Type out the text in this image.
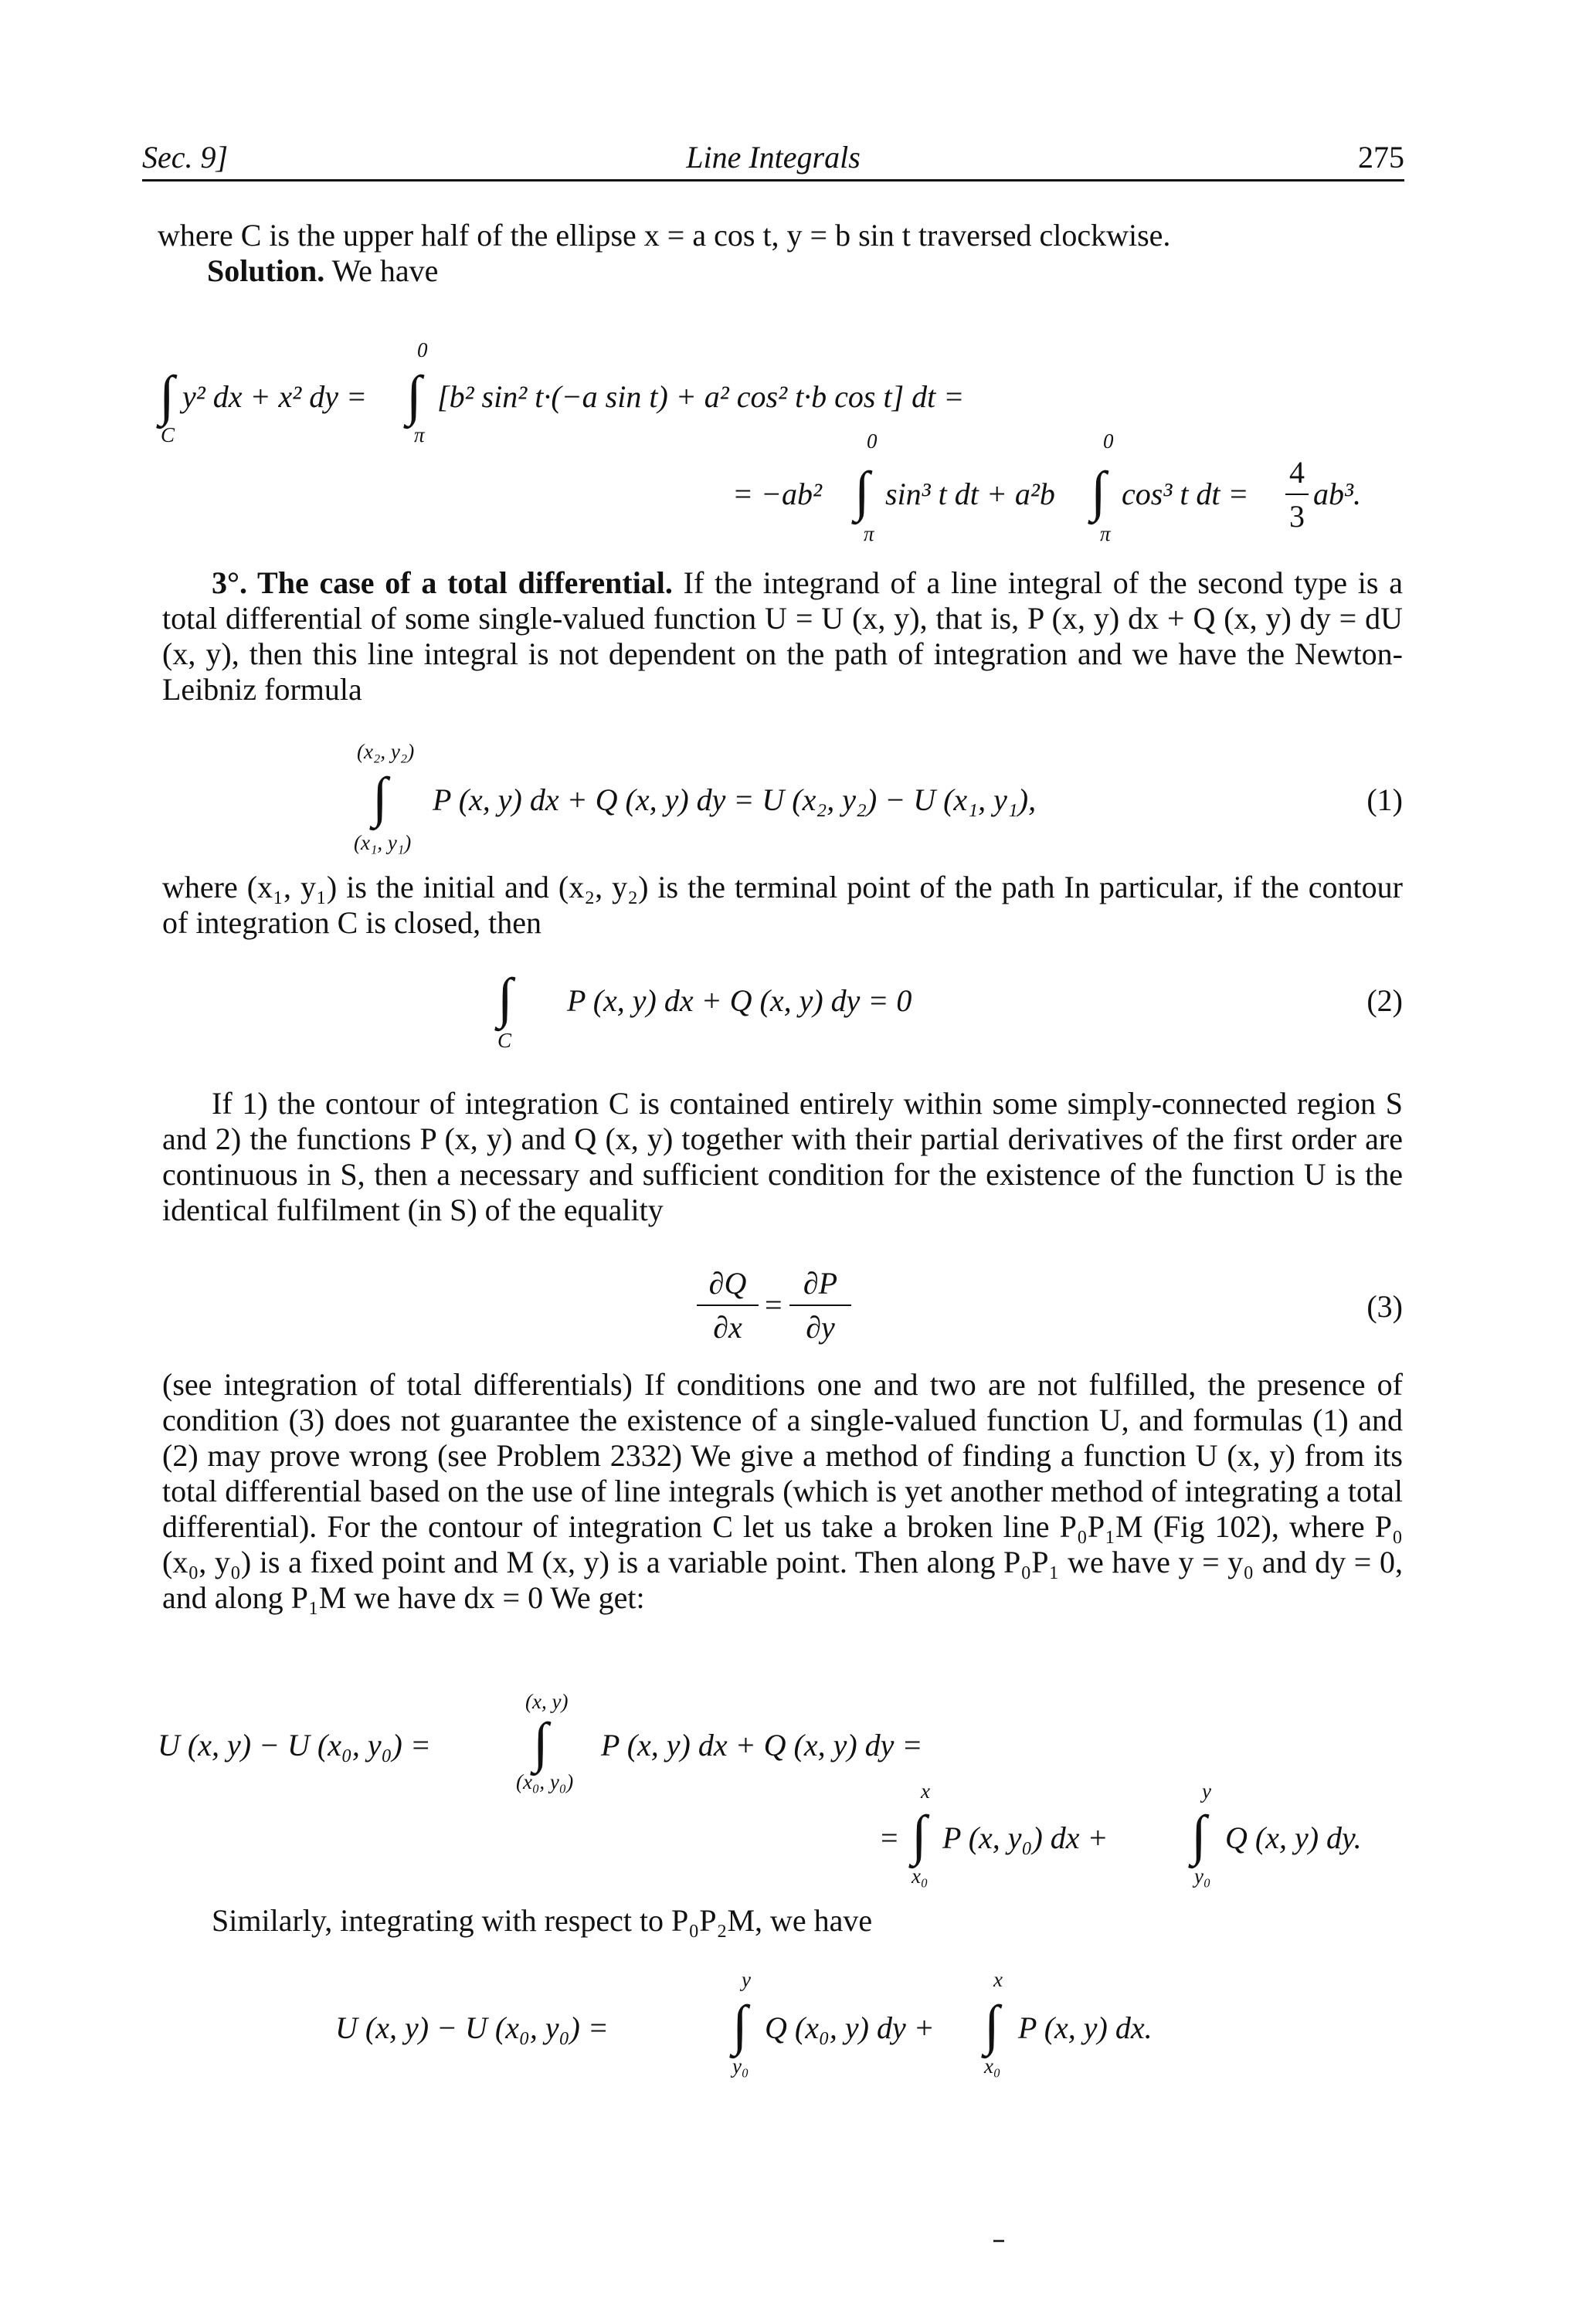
Sec. 9]	Line Integrals	275

where C is the upper half of the ellipse x = a cos t, y = b sin t traversed clockwise.

Solution. We have

0
∫	∫
y² dx + x² dy = [b² sin² t·(−a sin t) + a² cos² t·b cos t] dt =
C	π	0	0
= −ab² ∫ sin³ t dt + a²b ∫ cos³ t dt =
4
3
ab³.
π	π

3°. The case of a total differential. If the integrand of a line integral of the second type is a total differential of some single-valued function U = U (x, y), that is, P (x, y) dx + Q (x, y) dy = dU (x, y), then this line integral is not dependent on the path of integration and we have the Newton-Leibniz formula

(x₂, y₂)
∫ P (x, y) dx + Q (x, y) dy = U (x₂, y₂) − U (x₁, y₁),	(1)
(x₁, y₁)

where (x₁, y₁) is the initial and (x₂, y₂) is the terminal point of the path In particular, if the contour of integration C is closed, then

∫ P (x, y) dx + Q (x, y) dy = 0	(2)
C

If 1) the contour of integration C is contained entirely within some simply-connected region S and 2) the functions P (x, y) and Q (x, y) together with their partial derivatives of the first order are continuous in S, then a necessary and sufficient condition for the existence of the function U is the identical fulfilment (in S) of the equality

∂Q
∂x
=
∂P
∂y
(3)

(see integration of total differentials) If conditions one and two are not fulfilled, the presence of condition (3) does not guarantee the existence of a single-valued function U, and formulas (1) and (2) may prove wrong (see Problem 2332) We give a method of finding a function U (x, y) from its total differential based on the use of line integrals (which is yet another method of integrating a total differential). For the contour of integration C let us take a broken line P₀P₁M (Fig 102), where P₀ (x₀, y₀) is a fixed point and M (x, y) is a variable point. Then along P₀P₁ we have y = y₀ and dy = 0, and along P₁M we have dx = 0 We get:

(x, y)
U (x, y) − U (x₀, y₀) = ∫ P (x, y) dx + Q (x, y) dy =
(x₀, y₀)	x	y
= ∫ P (x, y₀) dx + ∫ Q (x, y) dy.
x₀	y₀

Similarly, integrating with respect to P₀P₂M, we have

y	x
U (x, y) − U (x₀, y₀) = ∫ Q (x₀, y) dy + ∫ P (x, y) dx.
y₀	x₀
